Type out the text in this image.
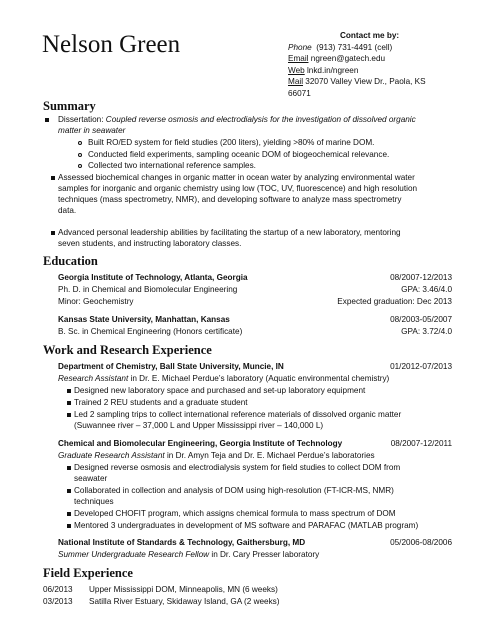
Nelson Green	Contact me by:
Phone (913) 731-4491 (cell)
Email ngreen@gatech.edu
Web lnkd.in/ngreen
Mail 32070 Valley View Dr., Paola, KS
66071
Summary
Dissertation: Coupled reverse osmosis and electrodialysis for the investigation of dissolved organic
matter in seawater
Built RO/ED system for field studies (200 liters), yielding >80% of marine DOM.
Conducted field experiments, sampling oceanic DOM of biogeochemical relevance.
Collected two international reference samples.
Assessed biochemical changes in organic matter in ocean water by analyzing environmental water
samples for inorganic and organic chemistry using low (TOC, UV, fluorescence) and high resolution
techniques (mass spectrometry, NMR), and developing software to analyze mass spectrometry
data.
Advanced personal leadership abilities by facilitating the startup of a new laboratory, mentoring
seven students, and instructing laboratory classes.
Education
Georgia Institute of Technology, Atlanta, Georgia	08/2007-12/2013
Ph. D. in Chemical and Biomolecular Engineering	GPA: 3.46/4.0
Minor: Geochemistry	Expected graduation: Dec 2013
Kansas State University, Manhattan, Kansas	08/2003-05/2007
B. Sc. in Chemical Engineering (Honors certificate)	GPA: 3.72/4.0
Work and Research Experience
Department of Chemistry, Ball State University, Muncie, IN	01/2012-07/2013
Research Assistant in Dr. E. Michael Perdue’s laboratory (Aquatic environmental chemistry)
Designed new laboratory space and purchased and set-up laboratory equipment
Trained 2 REU students and a graduate student
Led 2 sampling trips to collect international reference materials of dissolved organic matter
(Suwannee river – 37,000 L and Upper Mississippi river – 140,000 L)
Chemical and Biomolecular Engineering, Georgia Institute of Technology	08/2007-12/2011
Graduate Research Assistant in Dr. Amyn Teja and Dr. E. Michael Perdue’s laboratories
Designed reverse osmosis and electrodialysis system for field studies to collect DOM from
seawater
Collaborated in collection and analysis of DOM using high-resolution (FT-ICR-MS, NMR)
techniques
Developed CHOFIT program, which assigns chemical formula to mass spectrum of DOM
Mentored 3 undergraduates in development of MS software and PARAFAC (MATLAB program)
National Institute of Standards & Technology, Gaithersburg, MD	05/2006-08/2006
Summer Undergraduate Research Fellow in Dr. Cary Presser laboratory
Field Experience
06/2013 Upper Mississippi DOM, Minneapolis, MN (6 weeks)
03/2013 Satilla River Estuary, Skidaway Island, GA (2 weeks)
